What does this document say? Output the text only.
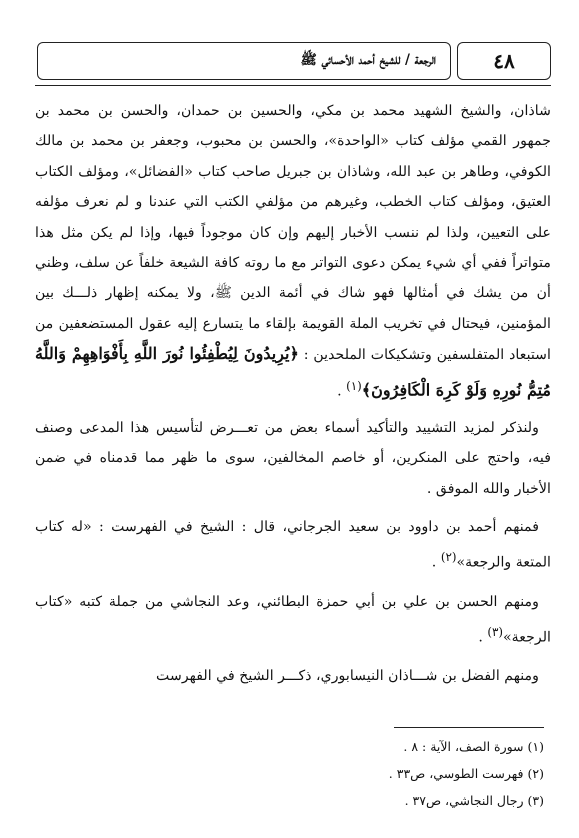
٤٨
الرجعة / للشيخ أحمد الأحسائي ﷺ

شاذان، والشيخ الشهيد محمد بن مكي، والحسين بن حمدان، والحسن بن محمد بن جمهور القمي مؤلف كتاب «الواحدة»، والحسن بن محبوب، وجعفر بن محمد بن مالك الكوفي، وطاهر بن عبد الله، وشاذان بن جبريل صاحب كتاب «الفضائل»، ومؤلف الكتاب العتيق، ومؤلف كتاب الخطب، وغيرهم من مؤلفي الكتب التي عندنا و لم نعرف مؤلفه على التعيين، ولذا لم ننسب الأخبار إليهم وإن كان موجوداً فيها، وإذا لم يكن مثل هذا متواتراً ففي أي شيء يمكن دعوى التواتر مع ما روته كافة الشيعة خلفاً عن سلف، وظني أن من يشك في أمثالها فهو شاك في أئمة الدين ﷺ، ولا يمكنه إظهار ذلـــك بين المؤمنين، فيحتال في تخريب الملة القويمة بإلقاء ما يتسارع إليه عقول المستضعفين من استبعاد المتفلسفين وتشكيكات الملحدين : ﴿يُرِيدُونَ لِيُطْفِئُوا نُورَ اللَّهِ بِأَفْوَاهِهِمْ وَاللَّهُ مُتِمُّ نُورِهِ وَلَوْ كَرِهَ الْكَافِرُونَ﴾$^{(١)}$ .

ولنذكر لمزيد التشييد والتأكيد أسماء بعض من تعـــرض لتأسيس هذا المدعى وصنف فيه، واحتج على المنكرين، أو خاصم المخالفين، سوى ما ظهر مما قدمناه في ضمن الأخبار والله الموفق .

فمنهم أحمد بن داوود بن سعيد الجرجاني، قال : الشيخ في الفهرست : «له كتاب المتعة والرجعة»$^{(٢)}$ .

ومنهم الحسن بن علي بن أبي حمزة البطائني، وعد النجاشي من جملة كتبه «كتاب الرجعة»$^{(٣)}$ .

ومنهم الفضل بن شـــاذان النيسابوري، ذكـــر الشيخ في الفهرست

(١) سورة الصف، الآية : ٨ .

(٢) فهرست الطوسي، ص٣٣ .

(٣) رجال النجاشي، ص٣٧ .
